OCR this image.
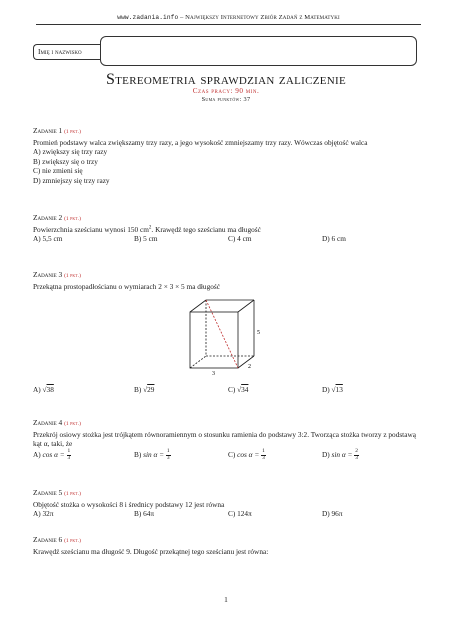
www.zadania.info – Największy Internetowy Zbiór Zadań z Matematyki
Imię i nazwisko
Stereometria sprawdzian zaliczenie
Czas pracy: 90 min.
Suma punktów: 37
Zadanie 1 (1 pkt.)
Promień podstawy walca zwiększamy trzy razy, a jego wysokość zmniejszamy trzy razy. Wówczas objętość walca
A) zwiększy się trzy razy
B) zwiększy się o trzy
C) nie zmieni się
D) zmniejszy się trzy razy
Zadanie 2 (1 pkt.)
Powierzchnia sześcianu wynosi 150 $cm^2$. Krawędź tego sześcianu ma długość
A) 5,5 cm	B) 5 cm	C) 4 cm	D) 6 cm
Zadanie 3 (1 pkt.)
Przekątna prostopadłościanu o wymiarach 2 × 3 × 5 ma długość
5
2
3
A) √38	B) √29	C) √34	D) √13
Zadanie 4 (1 pkt.)
Przekrój osiowy stożka jest trójkątem równoramiennym o stosunku ramienia do podstawy 3:2. Tworząca stożka tworzy z podstawą kąt α, taki, że
A) $\cos \alpha = \frac{1}{3}$	B) $\sin \alpha = \frac{1}{3}$	C) $\cos \alpha = \frac{1}{3}$	D) $\sin \alpha = \frac{2}{3}$
Zadanie 5 (1 pkt.)
Objętość stożka o wysokości 8 i średnicy podstawy 12 jest równa
A) 32π	B) 64π	C) 124π	D) 96π
Zadanie 6 (1 pkt.)
Krawędź sześcianu ma długość 9. Długość przekątnej tego sześcianu jest równa:
1
